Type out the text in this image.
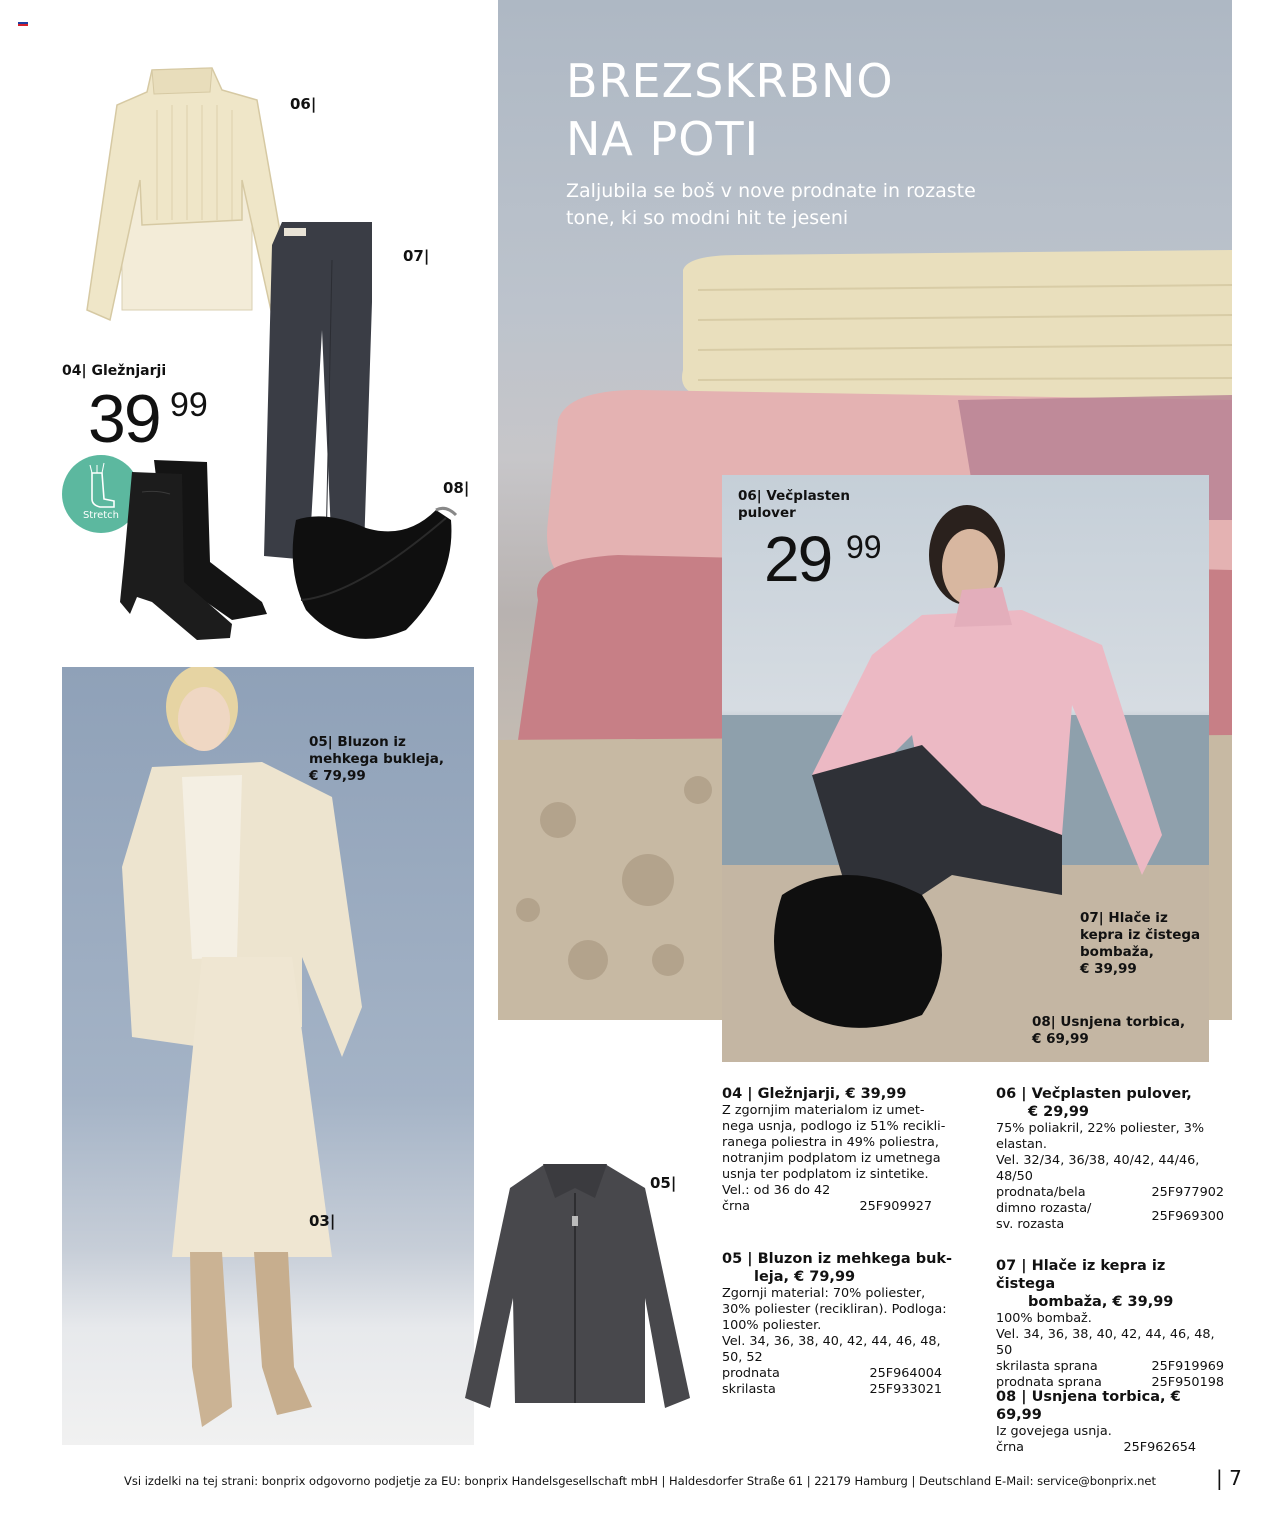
06|
07|
04| Gležnjarji
39 99
Stretch
08|
BREZSKRBNO
NA POTI
Zaljubila se boš v nove prodnate in rozaste
tone, ki so modni hit te jeseni
06| Večplasten
pulover
29 99
07| Hlače iz
kepra iz čistega
bombaža,
€ 39,99
08| Usnjena torbica,
€ 69,99
05| Bluzon iz
mehkega bukleja,
€ 79,99
03|
05|
04 | Gležnjarji, € 39,99
Z zgornjim materialom iz umet-
nega usnja, podlogo iz 51% recikli-
ranega poliestra in 49% poliestra,
notranjim podplatom iz umetnega
usnja ter podplatom iz sintetike.
Vel.: od 36 do 42
črna	25F909927
05 | Bluzon iz mehkega buk-
leja, € 79,99
Zgornji material: 70% poliester,
30% poliester (recikliran). Podloga:
100% poliester.
Vel. 34, 36, 38, 40, 42, 44, 46, 48,
50, 52
prodnata	25F964004
skrilasta	25F933021
06 | Večplasten pulover,
€ 29,99
75% poliakril, 22% poliester, 3%
elastan.
Vel. 32/34, 36/38, 40/42, 44/46,
48/50
prodnata/bela	25F977902
dimno rozasta/
sv. rozasta
25F969300
07 | Hlače iz kepra iz čistega
bombaža, € 39,99
100% bombaž.
Vel. 34, 36, 38, 40, 42, 44, 46, 48,
50
skrilasta sprana	25F919969
prodnata sprana	25F950198
08 | Usnjena torbica, € 69,99
Iz govejega usnja.
črna	25F962654
Vsi izdelki na tej strani: bonprix odgovorno podjetje za EU: bonprix Handelsgesellschaft mbH | Haldesdorfer Straße 61 | 22179 Hamburg | Deutschland E-Mail: service@bonprix.net	| 7
